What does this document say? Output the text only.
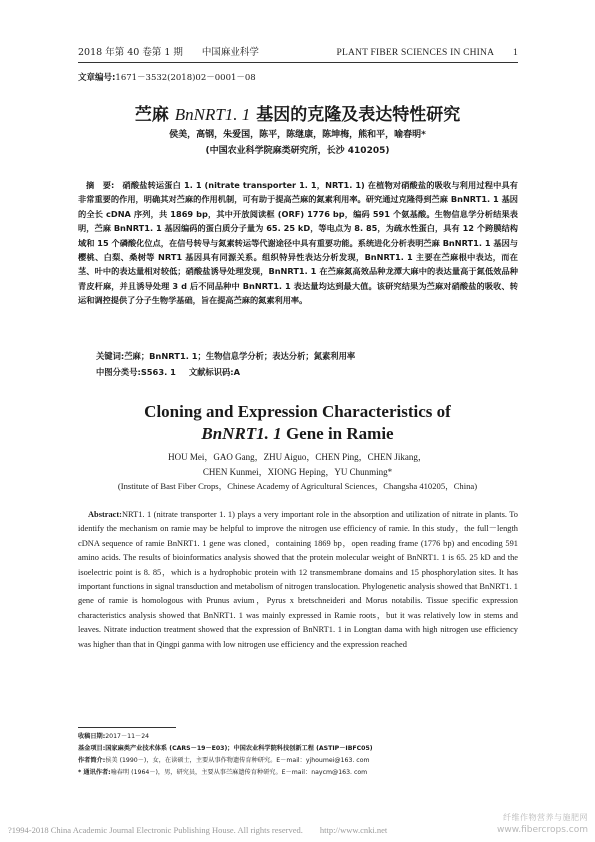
2018 年第 40 卷第 1 期　　中国麻业科学	PLANT FIBER SCIENCES IN CHINA　　1
文章编号:1671－3532(2018)02－0001－08
苎麻 BnNRT1. 1 基因的克隆及表达特性研究
侯美，高钢，朱爱国，陈平，陈继康，陈坤梅，熊和平，喻春明*
(中国农业科学院麻类研究所，长沙 410205)
摘　要: 硝酸盐转运蛋白 1. 1 (nitrate transporter 1. 1，NRT1. 1) 在植物对硝酸盐的吸收与利用过程中具有非常重要的作用，明确其对苎麻的作用机制，可有助于提高苎麻的氮素利用率。研究通过克隆得到苎麻 BnNRT1. 1 基因的全长 cDNA 序列，共 1869 bp，其中开放阅读框 (ORF) 1776 bp，编码 591 个氨基酸。生物信息学分析结果表明，苎麻 BnNRT1. 1 基因编码的蛋白质分子量为 65. 25 kD，等电点为 8. 85，为疏水性蛋白，具有 12 个跨膜结构域和 15 个磷酸化位点，在信号转导与氮素转运等代谢途径中具有重要功能。系统进化分析表明苎麻 BnNRT1. 1 基因与樱桃、白梨、桑树等 NRT1 基因具有同源关系。组织特异性表达分析发现，BnNRT1. 1 主要在苎麻根中表达，而在茎、叶中的表达量相对较低；硝酸盐诱导处理发现，BnNRT1. 1 在苎麻氮高效品种龙潭大麻中的表达量高于氮低效品种青皮杆麻，并且诱导处理 3 d 后不同品种中 BnNRT1. 1 表达量均达到最大值。该研究结果为苎麻对硝酸盐的吸收、转运和调控提供了分子生物学基础，旨在提高苎麻的氮素利用率。
关键词:苎麻；BnNRT1. 1；生物信息学分析；表达分析；氮素利用率
中图分类号:S563. 1 文献标识码:A
Cloning and Expression Characteristics of
BnNRT1. 1 Gene in Ramie
HOU Mei，GAO Gang，ZHU Aiguo，CHEN Ping，CHEN Jikang，
CHEN Kunmei，XIONG Heping，YU Chunming*
(Institute of Bast Fiber Crops，Chinese Academy of Agricultural Sciences，Changsha 410205，China)
Abstract:NRT1. 1 (nitrate transporter 1. 1) plays a very important role in the absorption and utilization of nitrate in plants. To identify the mechanism on ramie may be helpful to improve the nitrogen use efficiency of ramie. In this study，the full－length cDNA sequence of ramie BnNRT1. 1 gene was cloned，containing 1869 bp，open reading frame (1776 bp) and encoding 591 amino acids. The results of bioinformatics analysis showed that the protein molecular weight of BnNRT1. 1 is 65. 25 kD and the isoelectric point is 8. 85，which is a hydrophobic protein with 12 transmembrane domains and 15 phosphorylation sites. It has important functions in signal transduction and metabolism of nitrogen translocation. Phylogenetic analysis showed that BnNRT1. 1 gene of ramie is homologous with Prunus avium，Pyrus x bretschneideri and Morus notabilis. Tissue specific expression characteristics analysis showed that BnNRT1. 1 was mainly expressed in Ramie roots，but it was relatively low in stems and leaves. Nitrate induction treatment showed that the expression of BnNRT1. 1 in Longtan dama with high nitrogen use efficiency was higher than that in Qingpi ganma with low nitrogen use efficiency and the expression reached
收稿日期:2017－11－24
基金项目:国家麻类产业技术体系 (CARS－19－E03)；中国农业科学院科技创新工程 (ASTIP－IBFC05)
作者简介:侯美 (1990－)，女，在读硕士，主要从事作物遗传育种研究。E－mail：yjhoumei@163. com
* 通讯作者:喻春明 (1964－)，男，研究员，主要从事苎麻遗传育种研究。E－mail：naycm@163. com
?1994-2018 China Academic Journal Electronic Publishing House. All rights reserved.　　http://www.cnki.net
纤维作物营养与施肥网
www.fibercrops.com
